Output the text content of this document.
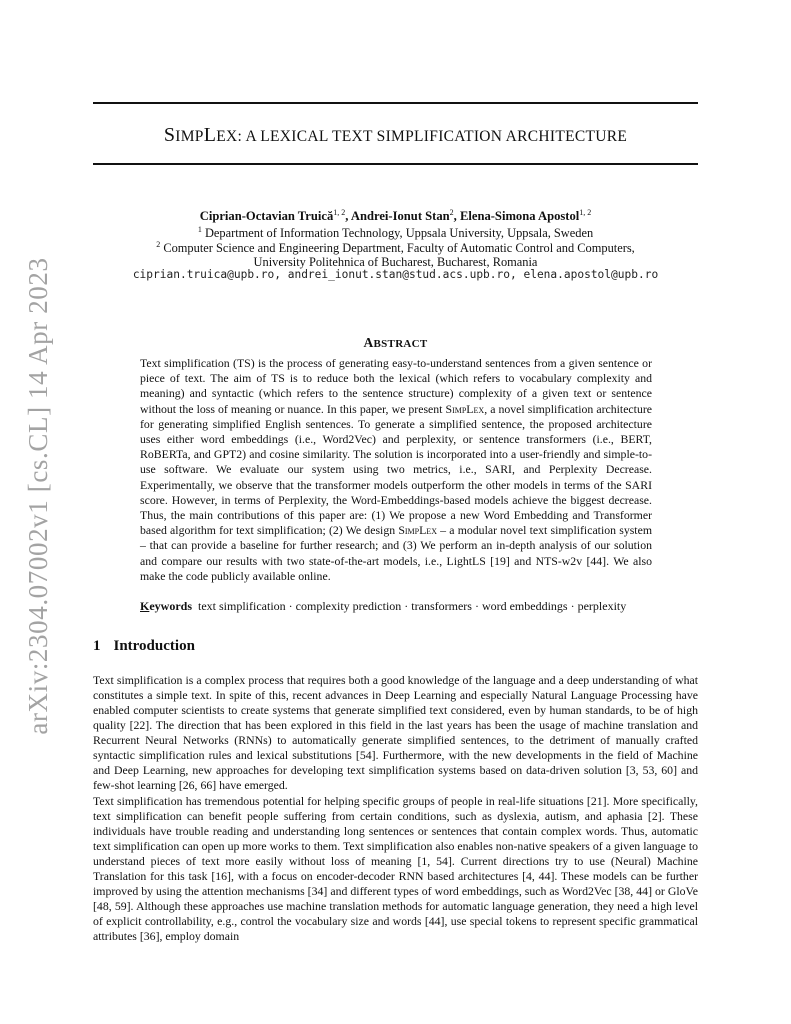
arXiv:2304.07002v1 [cs.CL] 14 Apr 2023
SIMPLEX: A LEXICAL TEXT SIMPLIFICATION ARCHITECTURE
Ciprian-Octavian Truică$^{1, 2}$, Andrei-Ionut Stan$^2$, Elena-Simona Apostol$^{1, 2}$
$^1$ Department of Information Technology, Uppsala University, Uppsala, Sweden
$^2$ Computer Science and Engineering Department, Faculty of Automatic Control and Computers,
University Politehnica of Bucharest, Bucharest, Romania
ciprian.truica@upb.ro, andrei_ionut.stan@stud.acs.upb.ro, elena.apostol@upb.ro
ABSTRACT
Text simplification (TS) is the process of generating easy-to-understand sentences from a given sentence or piece of text. The aim of TS is to reduce both the lexical (which refers to vocabulary complexity and meaning) and syntactic (which refers to the sentence structure) complexity of a given text or sentence without the loss of meaning or nuance. In this paper, we present SimpLex, a novel simplification architecture for generating simplified English sentences. To generate a simplified sentence, the proposed architecture uses either word embeddings (i.e., Word2Vec) and perplexity, or sentence transformers (i.e., BERT, RoBERTa, and GPT2) and cosine similarity. The solution is incorporated into a user-friendly and simple-to-use software. We evaluate our system using two metrics, i.e., SARI, and Perplexity Decrease. Experimentally, we observe that the transformer models outperform the other models in terms of the SARI score. However, in terms of Perplexity, the Word-Embeddings-based models achieve the biggest decrease. Thus, the main contributions of this paper are: (1) We propose a new Word Embedding and Transformer based algorithm for text simplification; (2) We design SimpLex – a modular novel text simplification system – that can provide a baseline for further research; and (3) We perform an in-depth analysis of our solution and compare our results with two state-of-the-art models, i.e., LightLS [19] and NTS-w2v [44]. We also make the code publicly available online.
Keywords text simplification · complexity prediction · transformers · word embeddings · perplexity
1 Introduction

Text simplification is a complex process that requires both a good knowledge of the language and a deep understanding of what constitutes a simple text. In spite of this, recent advances in Deep Learning and especially Natural Language Processing have enabled computer scientists to create systems that generate simplified text considered, even by human standards, to be of high quality [22]. The direction that has been explored in this field in the last years has been the usage of machine translation and Recurrent Neural Networks (RNNs) to automatically generate simplified sentences, to the detriment of manually crafted syntactic simplification rules and lexical substitutions [54]. Furthermore, with the new developments in the field of Machine and Deep Learning, new approaches for developing text simplification systems based on data-driven solution [3, 53, 60] and few-shot learning [26, 66] have emerged.

Text simplification has tremendous potential for helping specific groups of people in real-life situations [21]. More specifically, text simplification can benefit people suffering from certain conditions, such as dyslexia, autism, and aphasia [2]. These individuals have trouble reading and understanding long sentences or sentences that contain complex words. Thus, automatic text simplification can open up more works to them. Text simplification also enables non-native speakers of a given language to understand pieces of text more easily without loss of meaning [1, 54]. Current directions try to use (Neural) Machine Translation for this task [16], with a focus on encoder-decoder RNN based architectures [4, 44]. These models can be further improved by using the attention mechanisms [34] and different types of word embeddings, such as Word2Vec [38, 44] or GloVe [48, 59]. Although these approaches use machine translation methods for automatic language generation, they need a high level of explicit controllability, e.g., control the vocabulary size and words [44], use special tokens to represent specific grammatical attributes [36], employ domain
